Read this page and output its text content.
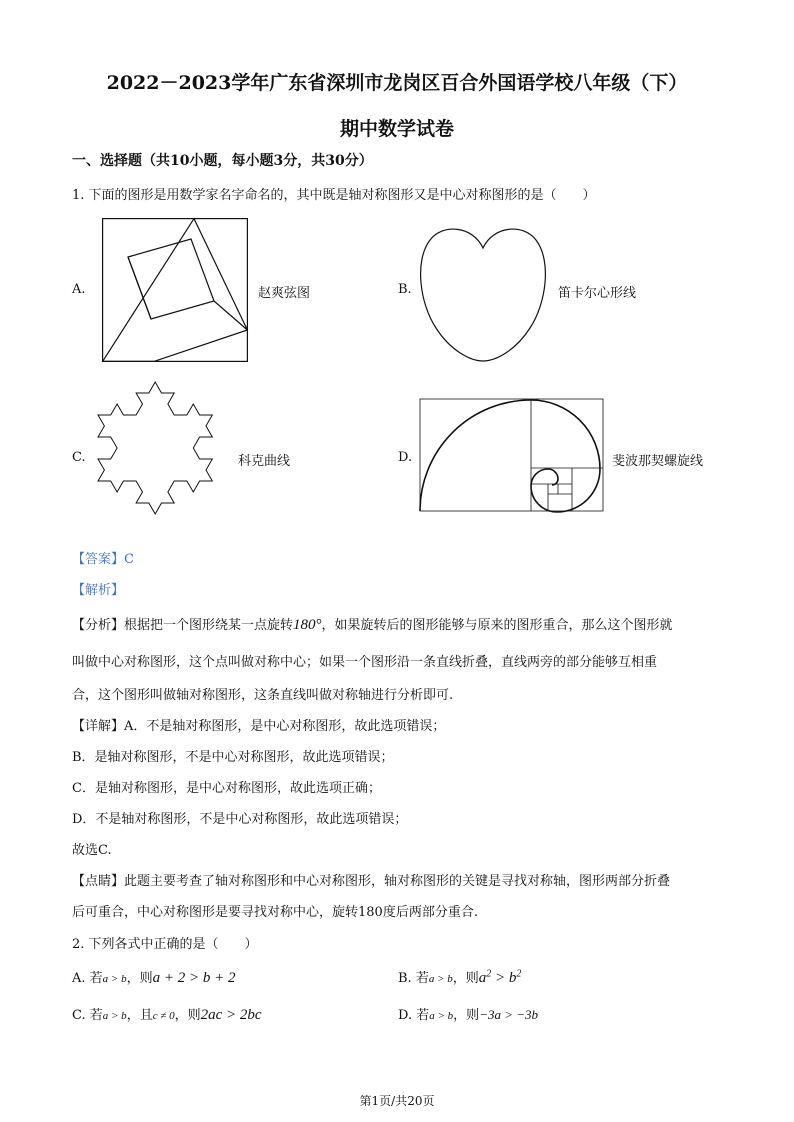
2022－2023学年广东省深圳市龙岗区百合外国语学校八年级（下）
期中数学试卷
一、选择题（共10小题，每小题3分，共30分）
1. 下面的图形是用数学家名字命名的，其中既是轴对称图形又是中心对称图形的是（　　）
A.	赵爽弦图	B.	笛卡尔心形线
C.	科克曲线	D.	斐波那契螺旋线
【答案】C
【解析】
【分析】根据把一个图形绕某一点旋转180°，如果旋转后的图形能够与原来的图形重合，那么这个图形就
叫做中心对称图形，这个点叫做对称中心；如果一个图形沿一条直线折叠，直线两旁的部分能够互相重
合，这个图形叫做轴对称图形，这条直线叫做对称轴进行分析即可.
【详解】A．不是轴对称图形，是中心对称图形，故此选项错误；
B．是轴对称图形，不是中心对称图形，故此选项错误；
C．是轴对称图形，是中心对称图形，故此选项正确；
D．不是轴对称图形，不是中心对称图形，故此选项错误；
故选C.
【点睛】此题主要考查了轴对称图形和中心对称图形，轴对称图形的关键是寻找对称轴，图形两部分折叠
后可重合，中心对称图形是要寻找对称中心，旋转180度后两部分重合.
2. 下列各式中正确的是（　　）
A. 若a > b，则a + 2 > b + 2	B. 若a > b，则$a^2 > b^2$
C. 若a > b，且c ≠ 0，则2ac > 2bc	D. 若a > b，则−3a > −3b
第1页/共20页
